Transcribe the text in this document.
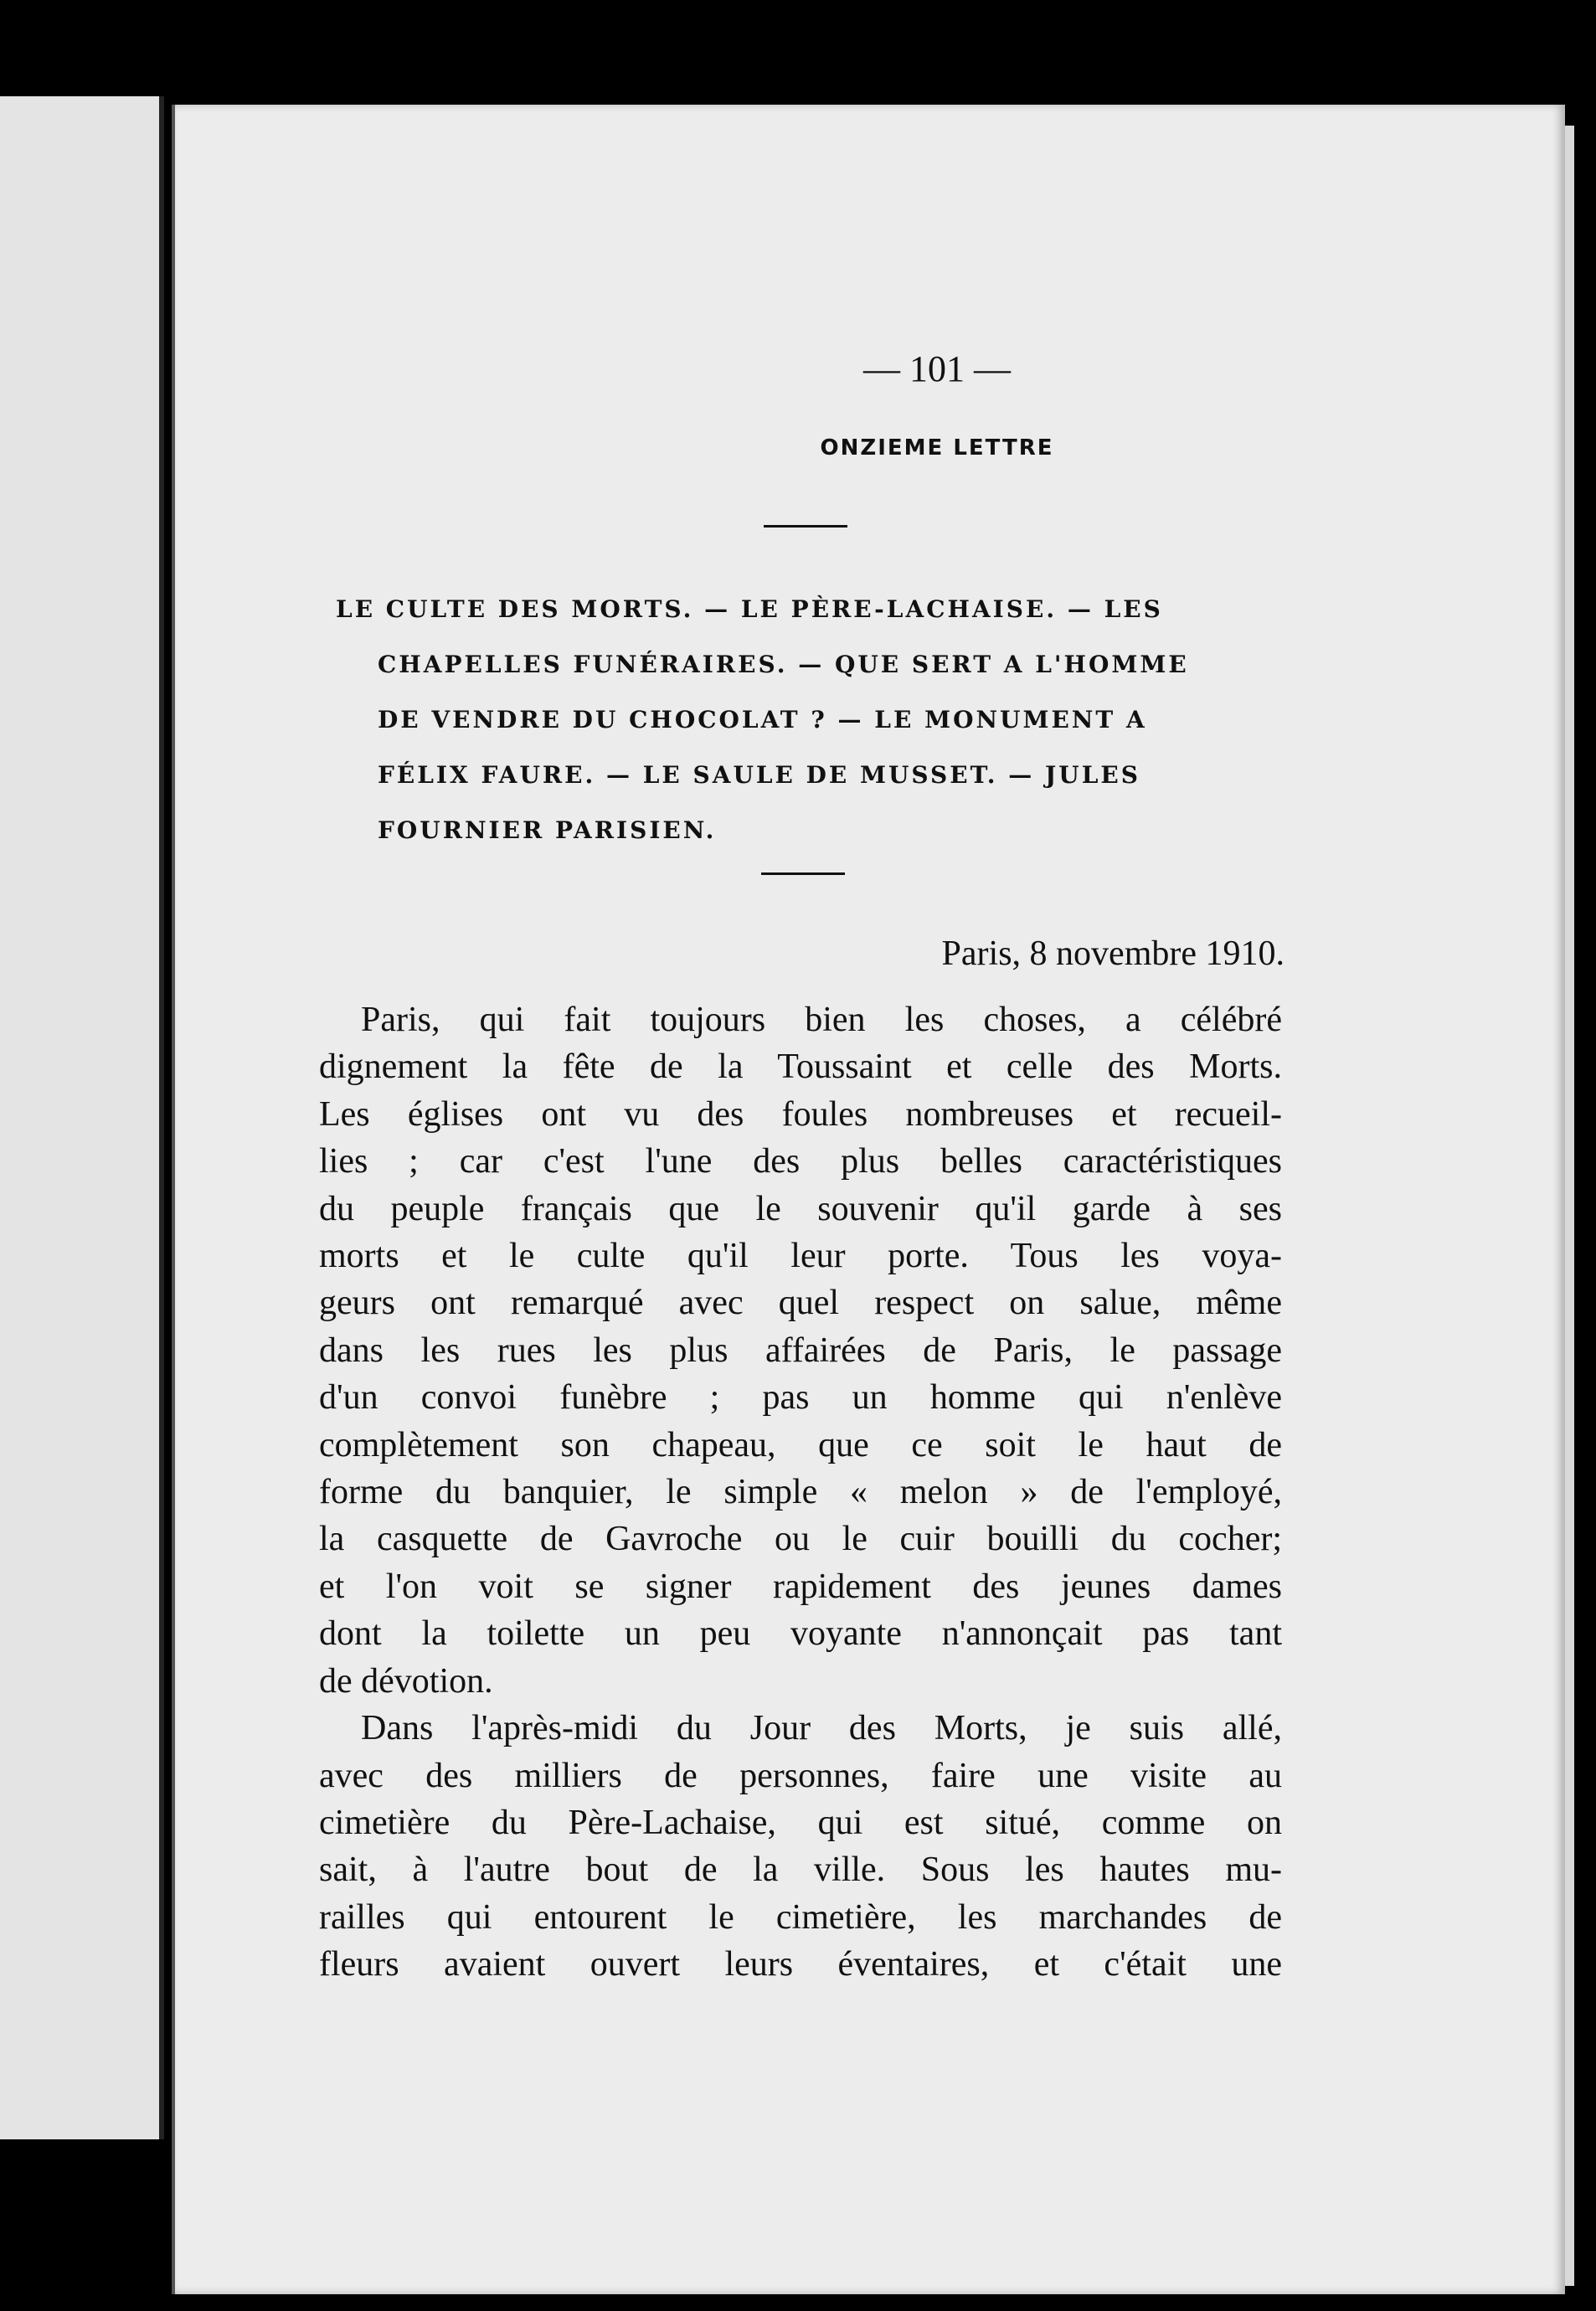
— 101 —
ONZIEME LETTRE
LE CULTE DES MORTS. — LE PÈRE-LACHAISE. — LES
CHAPELLES FUNÉRAIRES. — QUE SERT A L'HOMME
DE VENDRE DU CHOCOLAT ? — LE MONUMENT A
FÉLIX FAURE. — LE SAULE DE MUSSET. — JULES
FOURNIER PARISIEN.
Paris, 8 novembre 1910.
Paris, qui fait toujours bien les choses, a célébré
dignement la fête de la Toussaint et celle des Morts.
Les églises ont vu des foules nombreuses et recueil-
lies ; car c'est l'une des plus belles caractéristiques
du peuple français que le souvenir qu'il garde à ses
morts et le culte qu'il leur porte. Tous les voya-
geurs ont remarqué avec quel respect on salue, même
dans les rues les plus affairées de Paris, le passage
d'un convoi funèbre ; pas un homme qui n'enlève
complètement son chapeau, que ce soit le haut de
forme du banquier, le simple « melon » de l'employé,
la casquette de Gavroche ou le cuir bouilli du cocher;
et l'on voit se signer rapidement des jeunes dames
dont la toilette un peu voyante n'annonçait pas tant
de dévotion.
Dans l'après-midi du Jour des Morts, je suis allé,
avec des milliers de personnes, faire une visite au
cimetière du Père-Lachaise, qui est situé, comme on
sait, à l'autre bout de la ville. Sous les hautes mu-
railles qui entourent le cimetière, les marchandes de
fleurs avaient ouvert leurs éventaires, et c'était une
